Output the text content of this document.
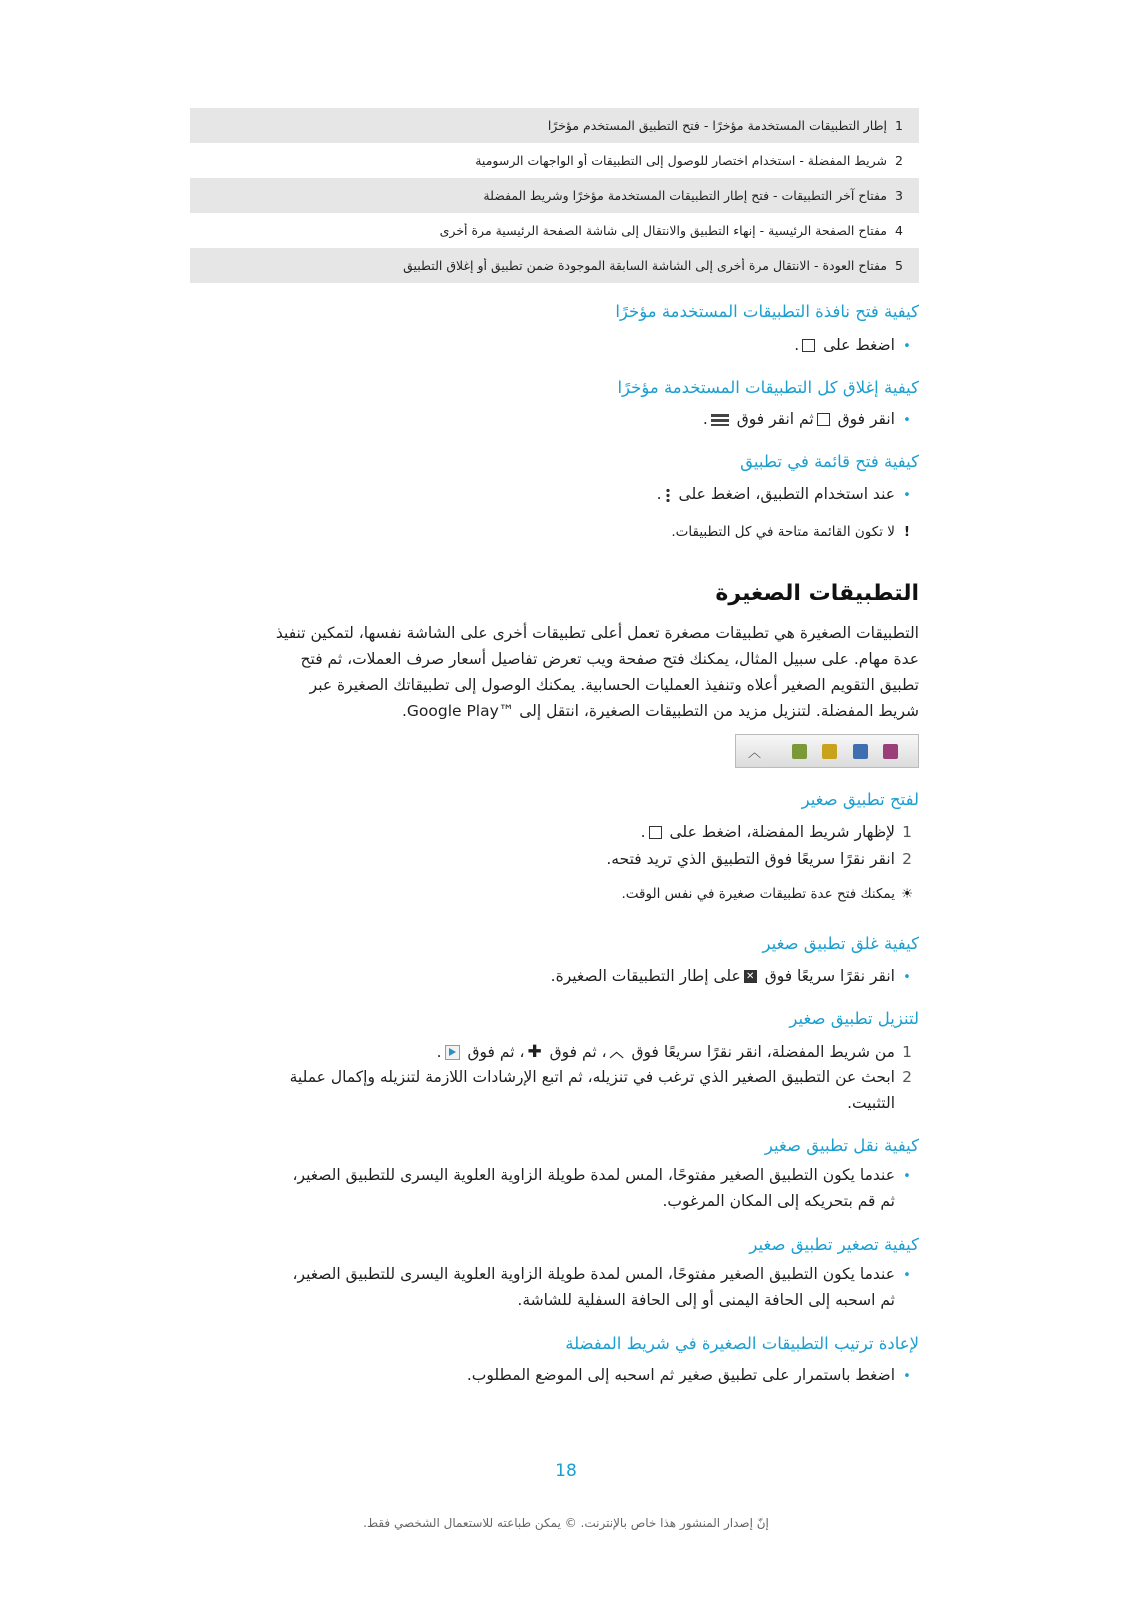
1
إطار التطبيقات المستخدمة مؤخرًا - فتح التطبيق المستخدم مؤخرًا
2
شريط المفضلة - استخدام اختصار للوصول إلى التطبيقات أو الواجهات الرسومية
3
مفتاح آخر التطبيقات - فتح إطار التطبيقات المستخدمة مؤخرًا وشريط المفضلة
4
مفتاح الصفحة الرئيسية - إنهاء التطبيق والانتقال إلى شاشة الصفحة الرئيسية مرة أخرى
5
مفتاح العودة - الانتقال مرة أخرى إلى الشاشة السابقة الموجودة ضمن تطبيق أو إغلاق التطبيق
كيفية فتح نافذة التطبيقات المستخدمة مؤخرًا
•اضغط على .
كيفية إغلاق كل التطبيقات المستخدمة مؤخرًا
•انقر فوق ثم انقر فوق .
كيفية فتح قائمة في تطبيق
•عند استخدام التطبيق، اضغط على .
!لا تكون القائمة متاحة في كل التطبيقات.
التطبيقات الصغيرة
التطبيقات الصغيرة هي تطبيقات مصغرة تعمل أعلى تطبيقات أخرى على الشاشة نفسها، لتمكين تنفيذ
عدة مهام. على سبيل المثال، يمكنك فتح صفحة ويب تعرض تفاصيل أسعار صرف العملات، ثم فتح
تطبيق التقويم الصغير أعلاه وتنفيذ العمليات الحسابية. يمكنك الوصول إلى تطبيقاتك الصغيرة عبر
شريط المفضلة. لتنزيل مزيد من التطبيقات الصغيرة، انتقل إلى ™Google Play.
︿
لفتح تطبيق صغير
1لإظهار شريط المفضلة، اضغط على .
2انقر نقرًا سريعًا فوق التطبيق الذي تريد فتحه.
☀يمكنك فتح عدة تطبيقات صغيرة في نفس الوقت.
كيفية غلق تطبيق صغير
•انقر نقرًا سريعًا فوق ✕على إطار التطبيقات الصغيرة.
لتنزيل تطبيق صغير
1من شريط المفضلة، انقر نقرًا سريعًا فوق ︿، ثم فوق ✚، ثم فوق .
2ابحث عن التطبيق الصغير الذي ترغب في تنزيله، ثم اتبع الإرشادات اللازمة لتنزيله وإكمال عملية
التثبيت.
كيفية نقل تطبيق صغير
•عندما يكون التطبيق الصغير مفتوحًا، المس لمدة طويلة الزاوية العلوية اليسرى للتطبيق الصغير،
ثم قم بتحريكه إلى المكان المرغوب.
كيفية تصغير تطبيق صغير
•عندما يكون التطبيق الصغير مفتوحًا، المس لمدة طويلة الزاوية العلوية اليسرى للتطبيق الصغير،
ثم اسحبه إلى الحافة اليمنى أو إلى الحافة السفلية للشاشة.
لإعادة ترتيب التطبيقات الصغيرة في شريط المفضلة
•اضغط باستمرار على تطبيق صغير ثم اسحبه إلى الموضع المطلوب.
18
إنّ إصدار المنشور هذا خاص بالإنترنت. © يمكن طباعته للاستعمال الشخصي فقط.
